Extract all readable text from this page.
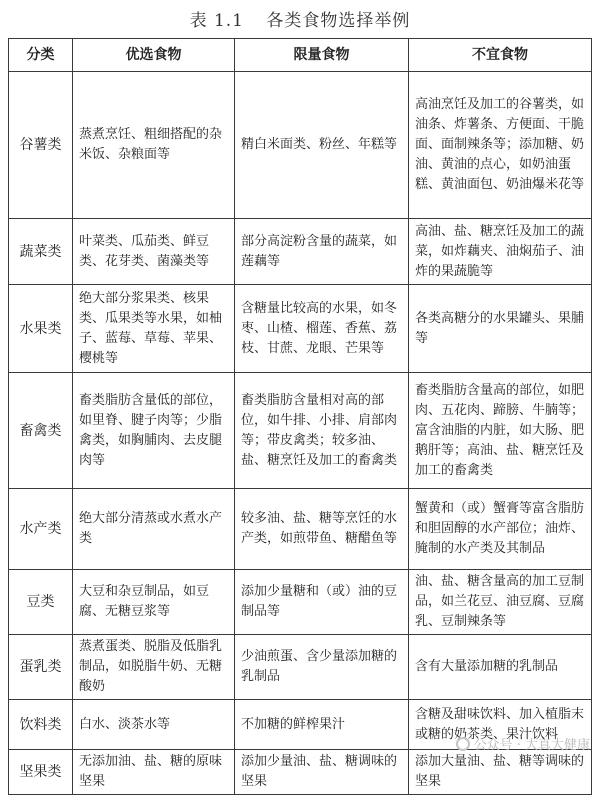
表 1.1 各类食物选择举例
分类	优选食物	限量食物	不宜食物
谷薯类	蒸煮烹饪、粗细搭配的杂米饭、杂粮面等	精白米面类、粉丝、年糕等	高油烹饪及加工的谷薯类，如油条、炸薯条、方便面、干脆面、面制辣条等；添加糖、奶油、黄油的点心，如奶油蛋糕、黄油面包、奶油爆米花等
蔬菜类	叶菜类、瓜茄类、鲜豆类、花芽类、菌藻类等	部分高淀粉含量的蔬菜，如莲藕等	高油、盐、糖烹饪及加工的蔬菜，如炸藕夹、油焖茄子、油炸的果蔬脆等
水果类	绝大部分浆果类、核果类、瓜果类等水果，如柚子、蓝莓、草莓、苹果、樱桃等	含糖量比较高的水果，如冬枣、山楂、榴莲、香蕉、荔枝、甘蔗、龙眼、芒果等	各类高糖分的水果罐头、果脯等
畜禽类	畜类脂肪含量低的部位，如里脊、腱子肉等；少脂禽类，如胸脯肉、去皮腿肉等	畜类脂肪含量相对高的部位，如牛排、小排、肩部肉等；带皮禽类；较多油、盐、糖烹饪及加工的畜禽类	畜类脂肪含量高的部位，如肥肉、五花肉、蹄膀、牛腩等；富含油脂的内脏，如大肠、肥鹅肝等；高油、盐、糖烹饪及加工的畜禽类
水产类	绝大部分清蒸或水煮水产类	较多油、盐、糖等烹饪的水产类，如煎带鱼、糖醋鱼等	蟹黄和（或）蟹膏等富含脂肪和胆固醇的水产部位；油炸、腌制的水产类及其制品
豆类	大豆和杂豆制品，如豆腐、无糖豆浆等	添加少量糖和（或）油的豆制品等	油、盐、糖含量高的加工豆制品，如兰花豆、油豆腐、豆腐乳、豆制辣条等
蛋乳类	蒸煮蛋类、脱脂及低脂乳制品，如脱脂牛奶、无糖酸奶	少油煎蛋、含少量添加糖的乳制品	含有大量添加糖的乳制品
饮料类	白水、淡茶水等	不加糖的鲜榨果汁	含糖及甜味饮料、加入植脂末或糖的奶茶类、果汁饮料
坚果类	无添加油、盐、糖的原味坚果	添加少量油、盐、糖调味的坚果	添加大量油、盐、糖等调味的坚果
公众号 · 大真大健康
